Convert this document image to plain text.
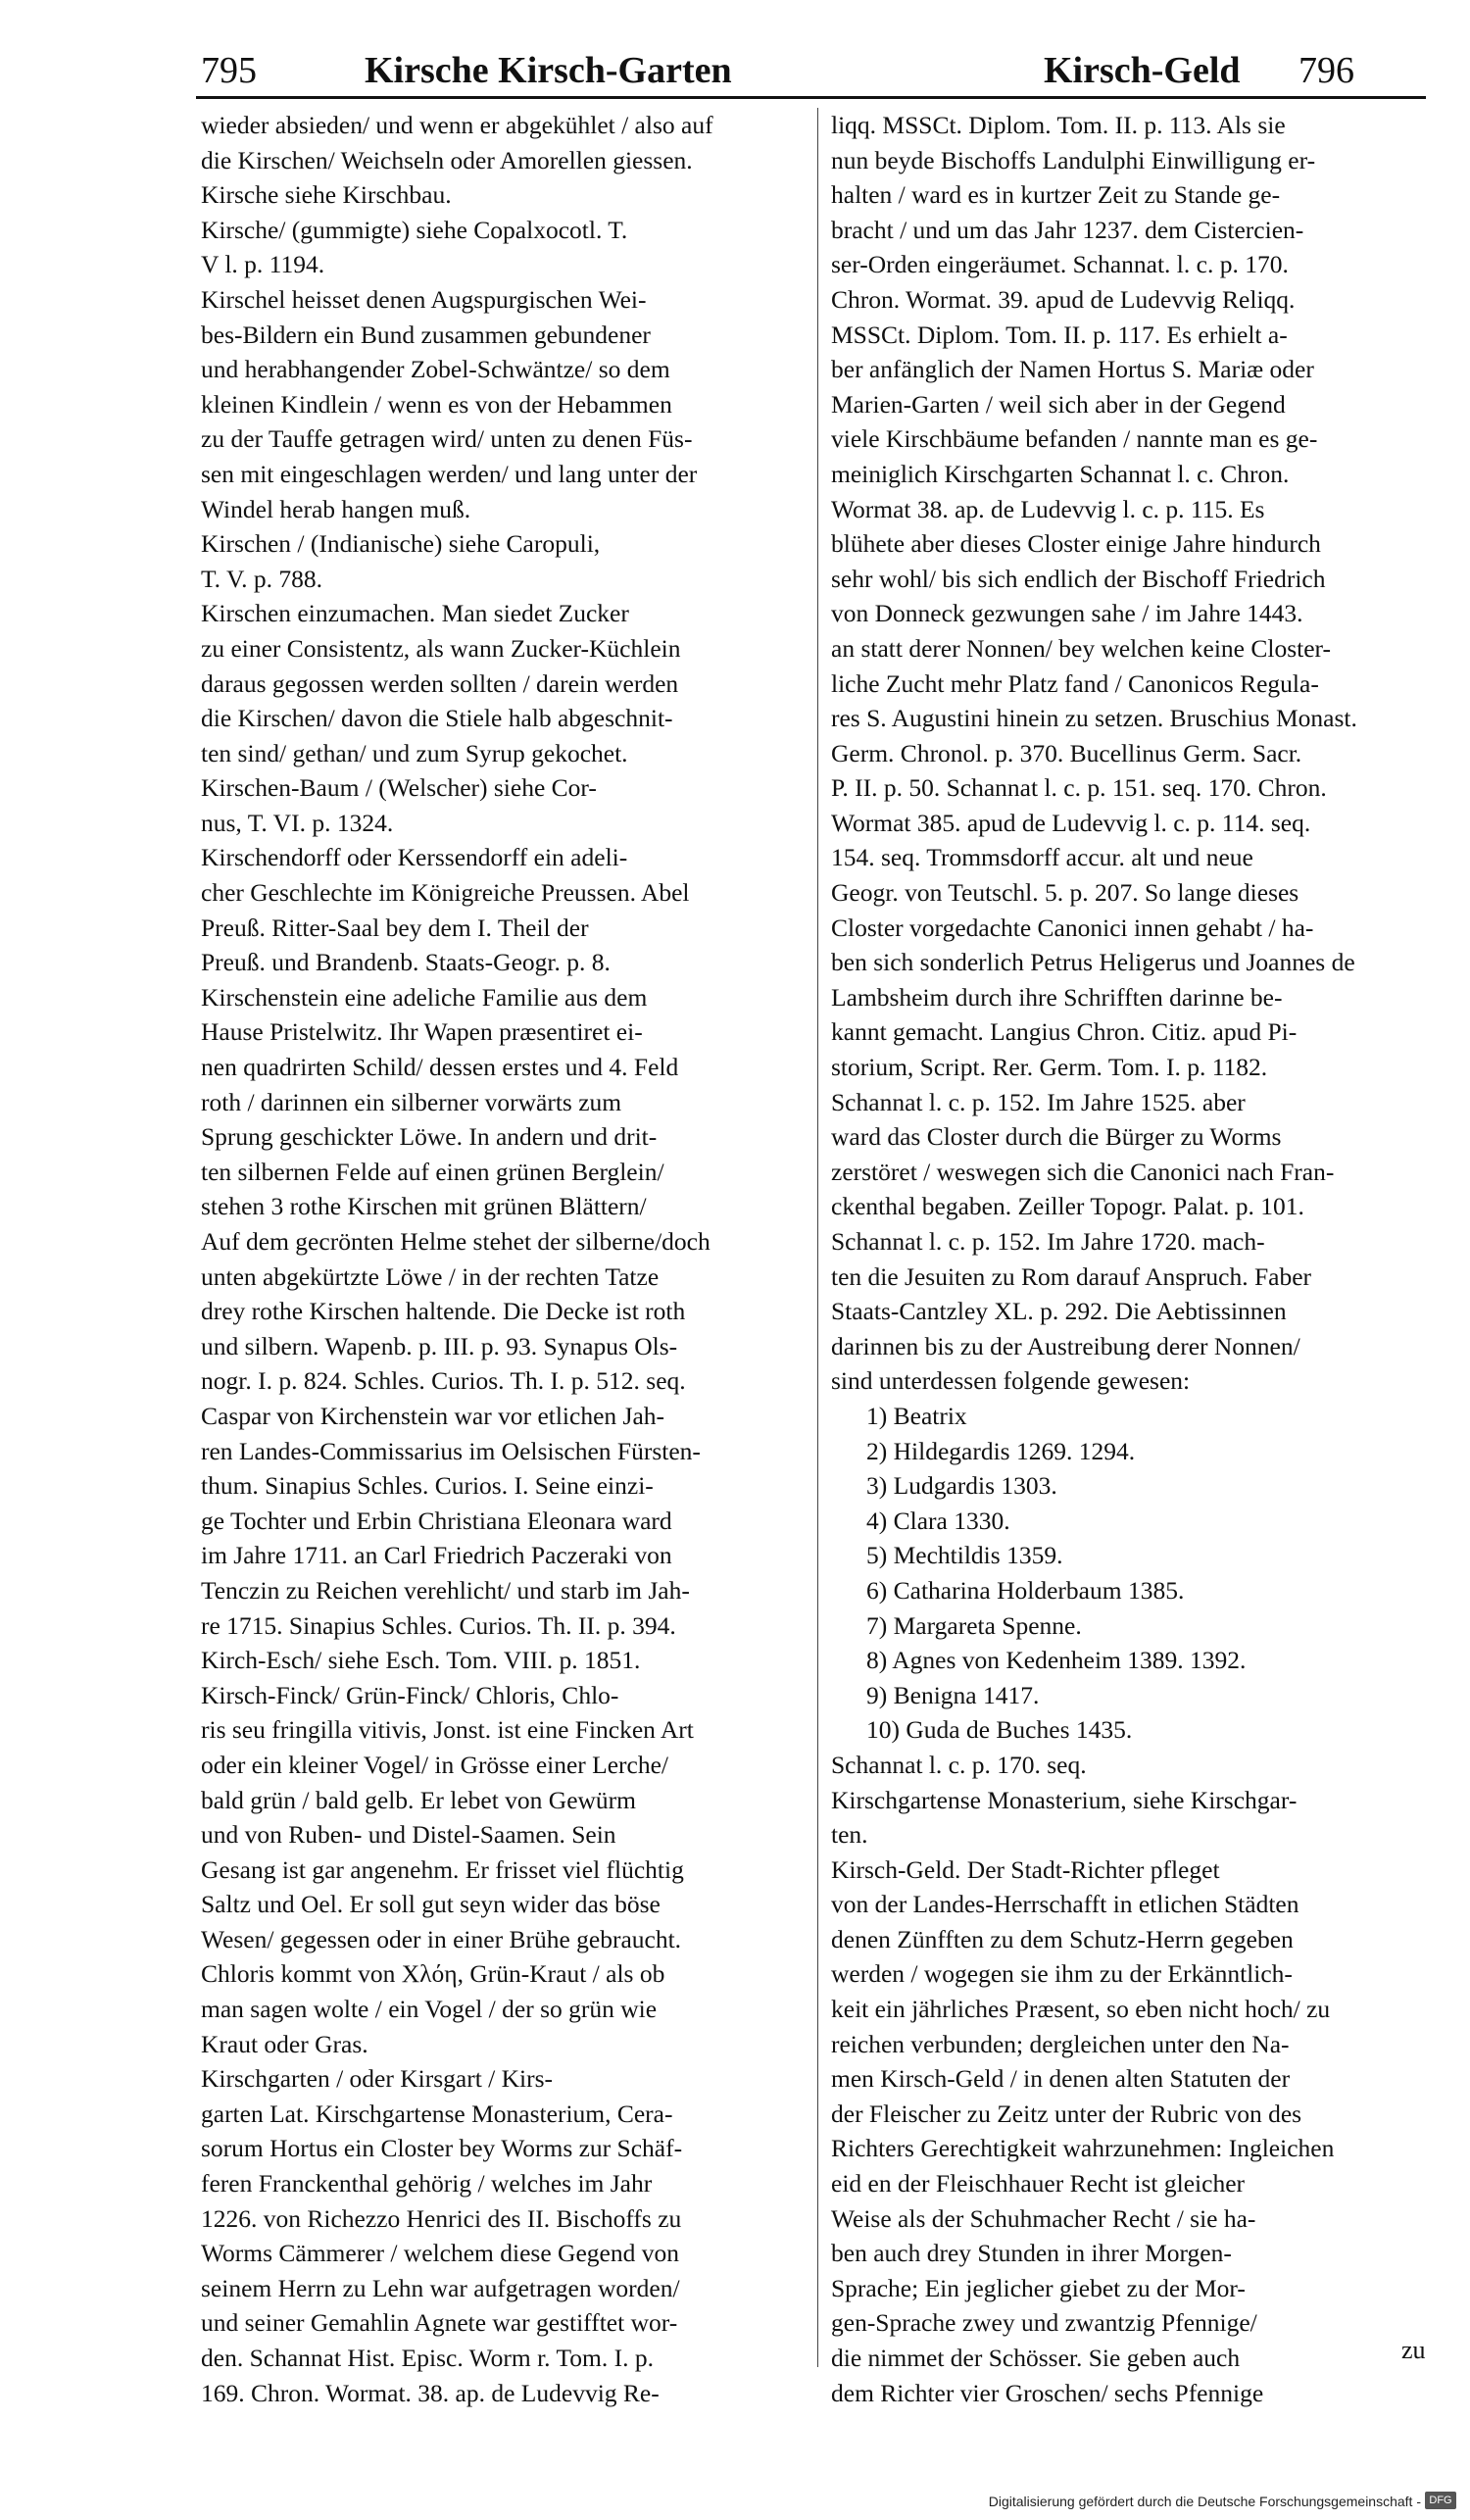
795	Kirsche Kirsch-Garten	Kirsch-Geld 796
wieder absieden/ und wenn er abgekühlet / also auf
die Kirschen/ Weichseln oder Amorellen giessen.
Kirsche siehe Kirschbau.
Kirsche/ (gummigte) siehe Copalxocotl. T.
V l. p. 1194.
Kirschel heisset denen Augspurgischen Wei-
bes-Bildern ein Bund zusammen gebundener
und herabhangender Zobel-Schwäntze/ so dem
kleinen Kindlein / wenn es von der Hebammen
zu der Tauffe getragen wird/ unten zu denen Füs-
sen mit eingeschlagen werden/ und lang unter der
Windel herab hangen muß.
Kirschen / (Indianische) siehe Caropuli,
T. V. p. 788.
Kirschen einzumachen. Man siedet Zucker
zu einer Consistentz, als wann Zucker-Küchlein
daraus gegossen werden sollten / darein werden
die Kirschen/ davon die Stiele halb abgeschnit-
ten sind/ gethan/ und zum Syrup gekochet.
Kirschen-Baum / (Welscher) siehe Cor-
nus, T. VI. p. 1324.
Kirschendorff oder Kerssendorff ein adeli-
cher Geschlechte im Königreiche Preussen. Abel
Preuß. Ritter-Saal bey dem I. Theil der
Preuß. und Brandenb. Staats-Geogr. p. 8.
Kirschenstein eine adeliche Familie aus dem
Hause Pristelwitz. Ihr Wapen præsentiret ei-
nen quadrirten Schild/ dessen erstes und 4. Feld
roth / darinnen ein silberner vorwärts zum
Sprung geschickter Löwe. In andern und drit-
ten silbernen Felde auf einen grünen Berglein/
stehen 3 rothe Kirschen mit grünen Blättern/
Auf dem gecrönten Helme stehet der silberne/doch
unten abgekürtzte Löwe / in der rechten Tatze
drey rothe Kirschen haltende. Die Decke ist roth
und silbern. Wapenb. p. III. p. 93. Synapus Ols-
nogr. I. p. 824. Schles. Curios. Th. I. p. 512. seq.
Caspar von Kirchenstein war vor etlichen Jah-
ren Landes-Commissarius im Oelsischen Fürsten-
thum. Sinapius Schles. Curios. I. Seine einzi-
ge Tochter und Erbin Christiana Eleonara ward
im Jahre 1711. an Carl Friedrich Paczeraki von
Tenczin zu Reichen verehlicht/ und starb im Jah-
re 1715. Sinapius Schles. Curios. Th. II. p. 394.
Kirch-Esch/ siehe Esch. Tom. VIII. p. 1851.
Kirsch-Finck/ Grün-Finck/ Chloris, Chlo-
ris seu fringilla vitivis, Jonst. ist eine Fincken Art
oder ein kleiner Vogel/ in Grösse einer Lerche/
bald grün / bald gelb. Er lebet von Gewürm
und von Ruben- und Distel-Saamen. Sein
Gesang ist gar angenehm. Er frisset viel flüchtig
Saltz und Oel. Er soll gut seyn wider das böse
Wesen/ gegessen oder in einer Brühe gebraucht.
Chloris kommt von Χλόη, Grün-Kraut / als ob
man sagen wolte / ein Vogel / der so grün wie
Kraut oder Gras.
Kirschgarten / oder Kirsgart / Kirs-
garten Lat. Kirschgartense Monasterium, Cera-
sorum Hortus ein Closter bey Worms zur Schäf-
feren Franckenthal gehörig / welches im Jahr
1226. von Richezzo Henrici des II. Bischoffs zu
Worms Cämmerer / welchem diese Gegend von
seinem Herrn zu Lehn war aufgetragen worden/
und seiner Gemahlin Agnete war gestifftet wor-
den. Schannat Hist. Episc. Worm r. Tom. I. p.
169. Chron. Wormat. 38. ap. de Ludevvig Re-
liqq. MSSCt. Diplom. Tom. II. p. 113. Als sie
nun beyde Bischoffs Landulphi Einwilligung er-
halten / ward es in kurtzer Zeit zu Stande ge-
bracht / und um das Jahr 1237. dem Cistercien-
ser-Orden eingeräumet. Schannat. l. c. p. 170.
Chron. Wormat. 39. apud de Ludevvig Reliqq.
MSSCt. Diplom. Tom. II. p. 117. Es erhielt a-
ber anfänglich der Namen Hortus S. Mariæ oder
Marien-Garten / weil sich aber in der Gegend
viele Kirschbäume befanden / nannte man es ge-
meiniglich Kirschgarten Schannat l. c. Chron.
Wormat 38. ap. de Ludevvig l. c. p. 115. Es
blühete aber dieses Closter einige Jahre hindurch
sehr wohl/ bis sich endlich der Bischoff Friedrich
von Donneck gezwungen sahe / im Jahre 1443.
an statt derer Nonnen/ bey welchen keine Closter-
liche Zucht mehr Platz fand / Canonicos Regula-
res S. Augustini hinein zu setzen. Bruschius Monast.
Germ. Chronol. p. 370. Bucellinus Germ. Sacr.
P. II. p. 50. Schannat l. c. p. 151. seq. 170. Chron.
Wormat 385. apud de Ludevvig l. c. p. 114. seq.
154. seq. Trommsdorff accur. alt und neue
Geogr. von Teutschl. 5. p. 207. So lange dieses
Closter vorgedachte Canonici innen gehabt / ha-
ben sich sonderlich Petrus Heligerus und Joannes de
Lambsheim durch ihre Schrifften darinne be-
kannt gemacht. Langius Chron. Citiz. apud Pi-
storium, Script. Rer. Germ. Tom. I. p. 1182.
Schannat l. c. p. 152. Im Jahre 1525. aber
ward das Closter durch die Bürger zu Worms
zerstöret / weswegen sich die Canonici nach Fran-
ckenthal begaben. Zeiller Topogr. Palat. p. 101.
Schannat l. c. p. 152. Im Jahre 1720. mach-
ten die Jesuiten zu Rom darauf Anspruch. Faber
Staats-Cantzley XL. p. 292. Die Aebtissinnen
darinnen bis zu der Austreibung derer Nonnen/
sind unterdessen folgende gewesen:
1) Beatrix
2) Hildegardis 1269. 1294.
3) Ludgardis 1303.
4) Clara 1330.
5) Mechtildis 1359.
6) Catharina Holderbaum 1385.
7) Margareta Spenne.
8) Agnes von Kedenheim 1389. 1392.
9) Benigna 1417.
10) Guda de Buches 1435.
Schannat l. c. p. 170. seq.
Kirschgartense Monasterium, siehe Kirschgar-
ten.
Kirsch-Geld. Der Stadt-Richter pfleget
von der Landes-Herrschafft in etlichen Städten
denen Zünfften zu dem Schutz-Herrn gegeben
werden / wogegen sie ihm zu der Erkänntlich-
keit ein jährliches Præsent, so eben nicht hoch/ zu
reichen verbunden; dergleichen unter den Na-
men Kirsch-Geld / in denen alten Statuten der
der Fleischer zu Zeitz unter der Rubric von des
Richters Gerechtigkeit wahrzunehmen: Ingleichen
eid en der Fleischhauer Recht ist gleicher
Weise als der Schuhmacher Recht / sie ha-
ben auch drey Stunden in ihrer Morgen-
Sprache; Ein jeglicher giebet zu der Mor-
gen-Sprache zwey und zwantzig Pfennige/
die nimmet der Schösser. Sie geben auch
dem Richter vier Groschen/ sechs Pfennige
zu
Digitalisierung gefördert durch die Deutsche Forschungsgemeinschaft - DFG
